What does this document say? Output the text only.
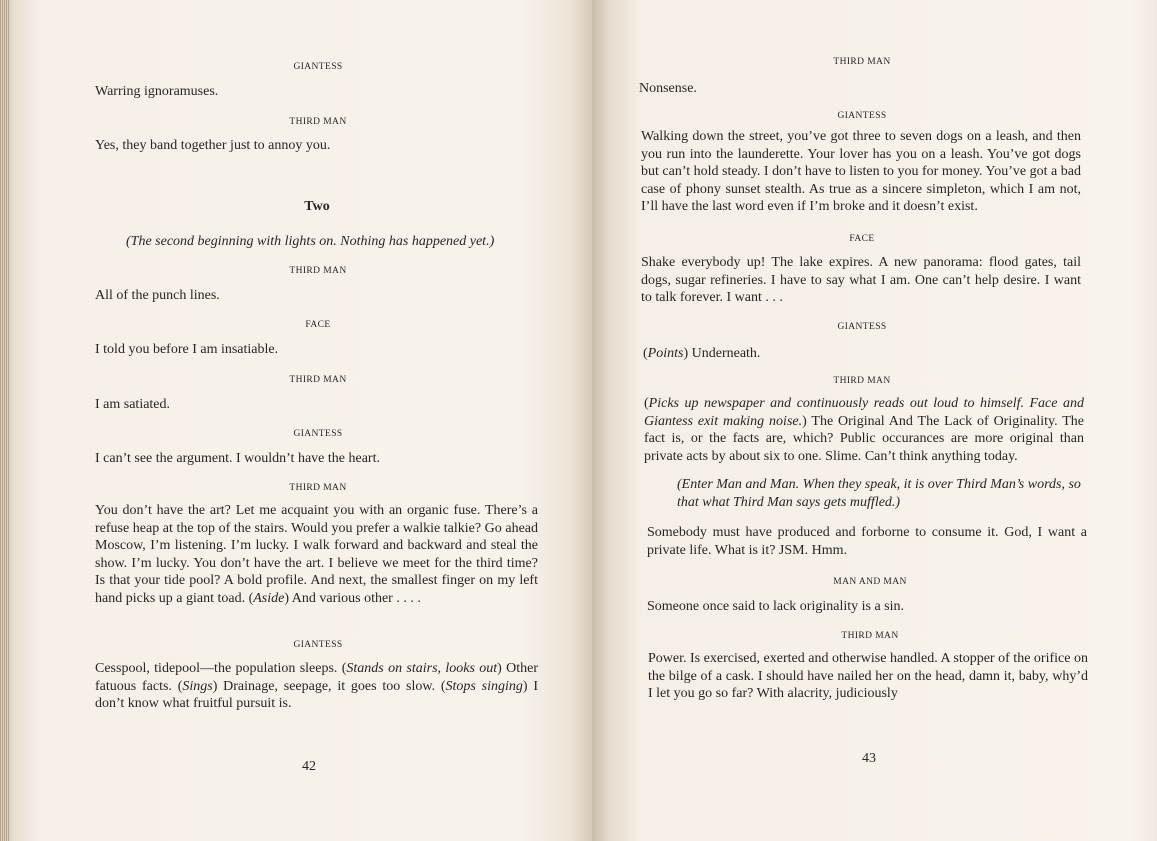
GIANTESS
Warring ignoramuses.
THIRD MAN
Yes, they band together just to annoy you.
Two
(The second beginning with lights on. Nothing has happened yet.)
THIRD MAN
All of the punch lines.
FACE
I told you before I am insatiable.
THIRD MAN
I am satiated.
GIANTESS
I can’t see the argument. I wouldn’t have the heart.
THIRD MAN
You don’t have the art? Let me acquaint you with an organic fuse. There’s a refuse heap at the top of the stairs. Would you prefer a walkie talkie? Go ahead Moscow, I’m listening. I’m lucky. I walk forward and backward and steal the show. I’m lucky. You don’t have the art. I believe we meet for the third time? Is that your tide pool? A bold profile. And next, the smallest finger on my left hand picks up a giant toad. (Aside) And various other . . . .
GIANTESS
Cesspool, tidepool—the population sleeps. (Stands on stairs, looks out) Other fatuous facts. (Sings) Drainage, seepage, it goes too slow. (Stops singing) I don’t know what fruitful pursuit is.
42
THIRD MAN
Nonsense.
GIANTESS
Walking down the street, you’ve got three to seven dogs on a leash, and then you run into the launderette. Your lover has you on a leash. You’ve got dogs but can’t hold steady. I don’t have to listen to you for money. You’ve got a bad case of phony sunset stealth. As true as a sincere simpleton, which I am not, I’ll have the last word even if I’m broke and it doesn’t exist.
FACE
Shake everybody up! The lake expires. A new panorama: flood gates, tail dogs, sugar refineries. I have to say what I am. One can’t help desire. I want to talk forever. I want . . .
GIANTESS
(Points) Underneath.
THIRD MAN
(Picks up newspaper and continuously reads out loud to himself. Face and Giantess exit making noise.) The Original And The Lack of Originality. The fact is, or the facts are, which? Public occurances are more original than private acts by about six to one. Slime. Can’t think anything today.
(Enter Man and Man. When they speak, it is over Third Man’s words, so that what Third Man says gets muffled.)
Somebody must have produced and forborne to consume it. God, I want a private life. What is it? JSM. Hmm.
MAN AND MAN
Someone once said to lack originality is a sin.
THIRD MAN
Power. Is exercised, exerted and otherwise handled. A stopper of the orifice on the bilge of a cask. I should have nailed her on the head, damn it, baby, why’d I let you go so far? With alacrity, judiciously
43
